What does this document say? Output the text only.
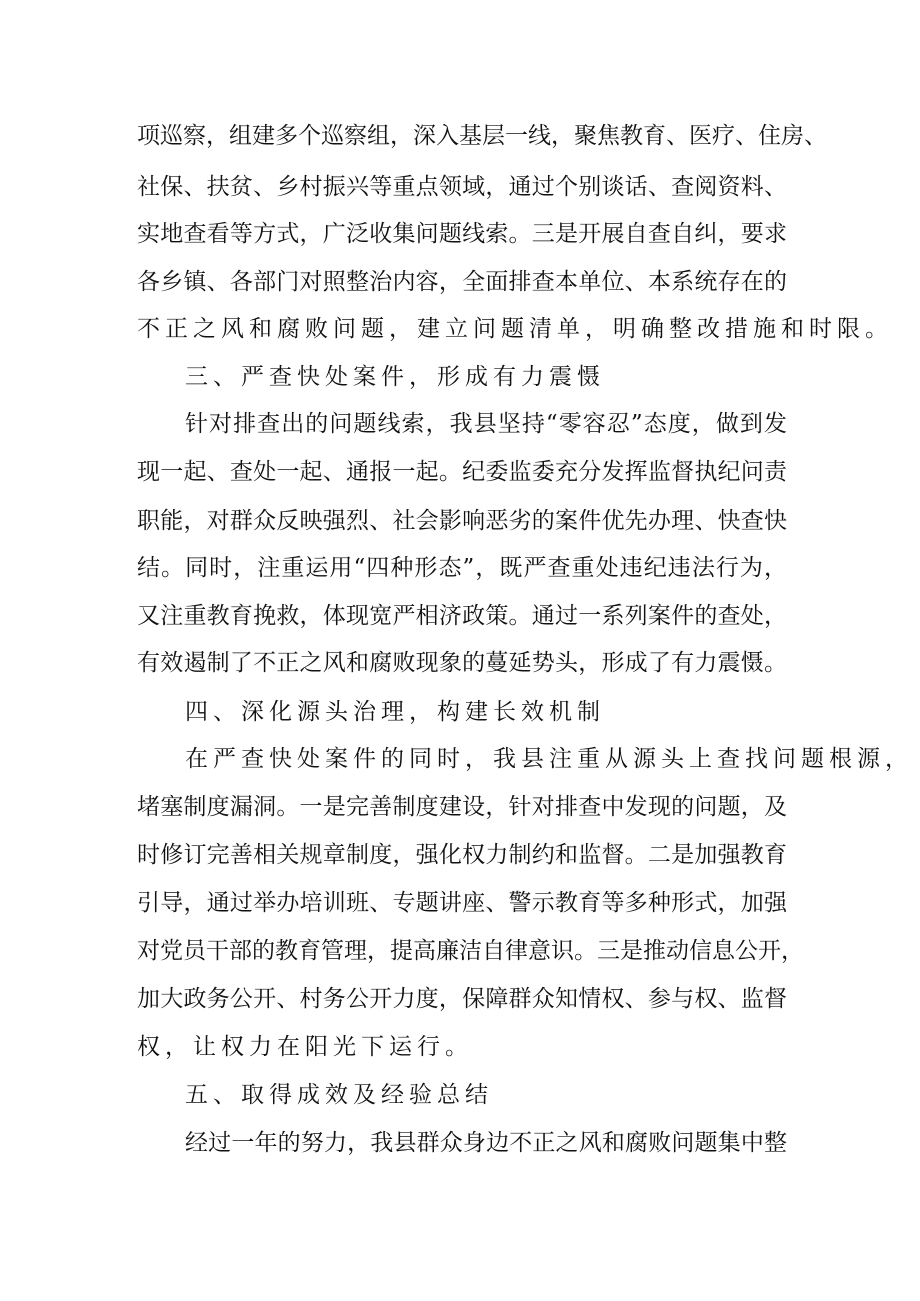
项巡察，组建多个巡察组，深入基层一线，聚焦教育、医疗、住房、
社保、扶贫、乡村振兴等重点领域，通过个别谈话、查阅资料、
实地查看等方式，广泛收集问题线索。三是开展自查自纠，要求
各乡镇、各部门对照整治内容，全面排查本单位、本系统存在的
不正之风和腐败问题，建立问题清单，明确整改措施和时限。
三、严查快处案件，形成有力震慑
针对排查出的问题线索，我县坚持“零容忍”态度，做到发
现一起、查处一起、通报一起。纪委监委充分发挥监督执纪问责
职能，对群众反映强烈、社会影响恶劣的案件优先办理、快查快
结。同时，注重运用“四种形态”，既严查重处违纪违法行为，
又注重教育挽救，体现宽严相济政策。通过一系列案件的查处，
有效遏制了不正之风和腐败现象的蔓延势头，形成了有力震慑。
四、深化源头治理，构建长效机制
在严查快处案件的同时，我县注重从源头上查找问题根源，
堵塞制度漏洞。一是完善制度建设，针对排查中发现的问题，及
时修订完善相关规章制度，强化权力制约和监督。二是加强教育
引导，通过举办培训班、专题讲座、警示教育等多种形式，加强
对党员干部的教育管理，提高廉洁自律意识。三是推动信息公开，
加大政务公开、村务公开力度，保障群众知情权、参与权、监督
权，让权力在阳光下运行。
五、取得成效及经验总结
经过一年的努力，我县群众身边不正之风和腐败问题集中整
